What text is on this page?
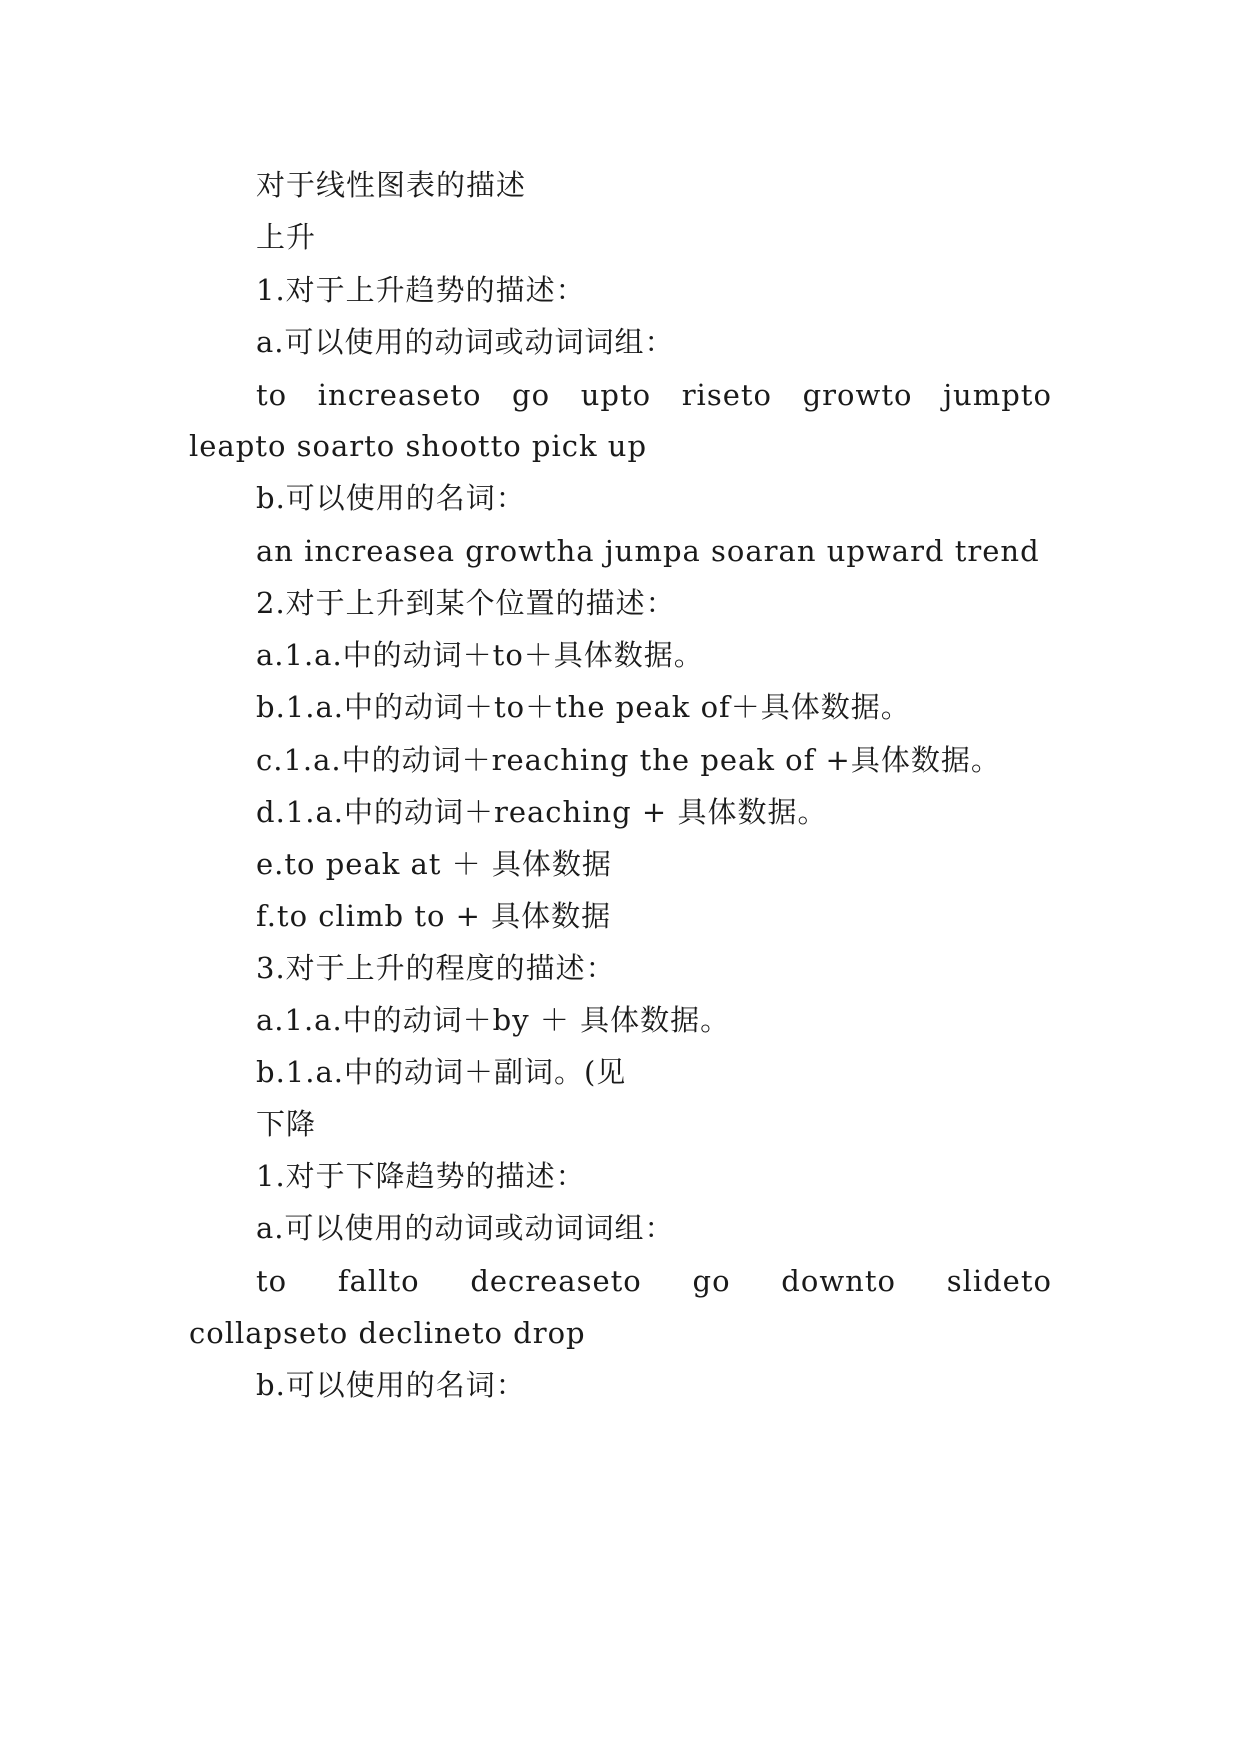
对于线性图表的描述
上升
1.对于上升趋势的描述：
a.可以使用的动词或动词词组：
to increaseto go upto riseto growto jumpto
leapto soarto shootto pick up
b.可以使用的名词：
an increasea growtha jumpa soaran upward trend
2.对于上升到某个位置的描述：
a.1.a.中的动词＋to＋具体数据。
b.1.a.中的动词＋to＋the peak of＋具体数据。
c.1.a.中的动词＋reaching the peak of +具体数据。
d.1.a.中的动词＋reaching + 具体数据。
e.to peak at ＋ 具体数据
f.to climb to + 具体数据
3.对于上升的程度的描述：
a.1.a.中的动词＋by ＋ 具体数据。
b.1.a.中的动词＋副词。(见
下降
1.对于下降趋势的描述：
a.可以使用的动词或动词词组：
to fallto decreaseto go downto slideto
collapseto declineto drop
b.可以使用的名词：
